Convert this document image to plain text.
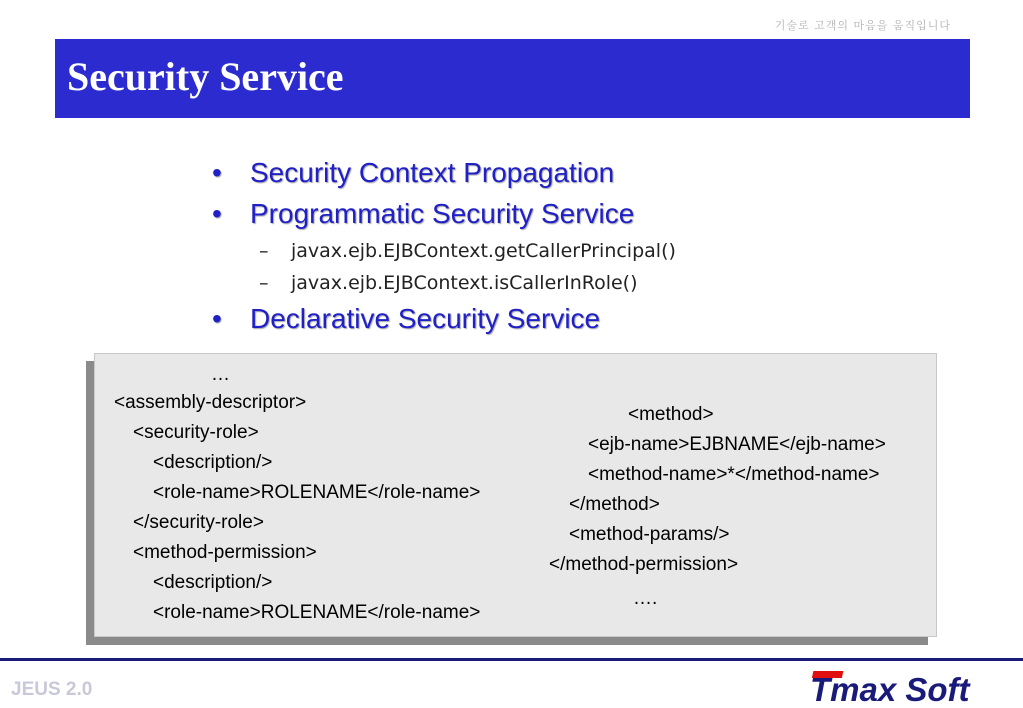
기술로 고객의 마음을 움직입니다
Security Service
• Security Context Propagation
• Programmatic Security Service
– javax.ejb.EJBContext.getCallerPrincipal()
– javax.ejb.EJBContext.isCallerInRole()
• Declarative Security Service
…
<assembly-descriptor>
<security-role>
<description/>
<role-name>ROLENAME</role-name>
</security-role>
<method-permission>
<description/>
<role-name>ROLENAME</role-name>
<method>
<ejb-name>EJBNAME</ejb-name>
<method-name>*</method-name>
</method>
<method-params/>
</method-permission>
….
JEUS 2.0	Tmax Soft
